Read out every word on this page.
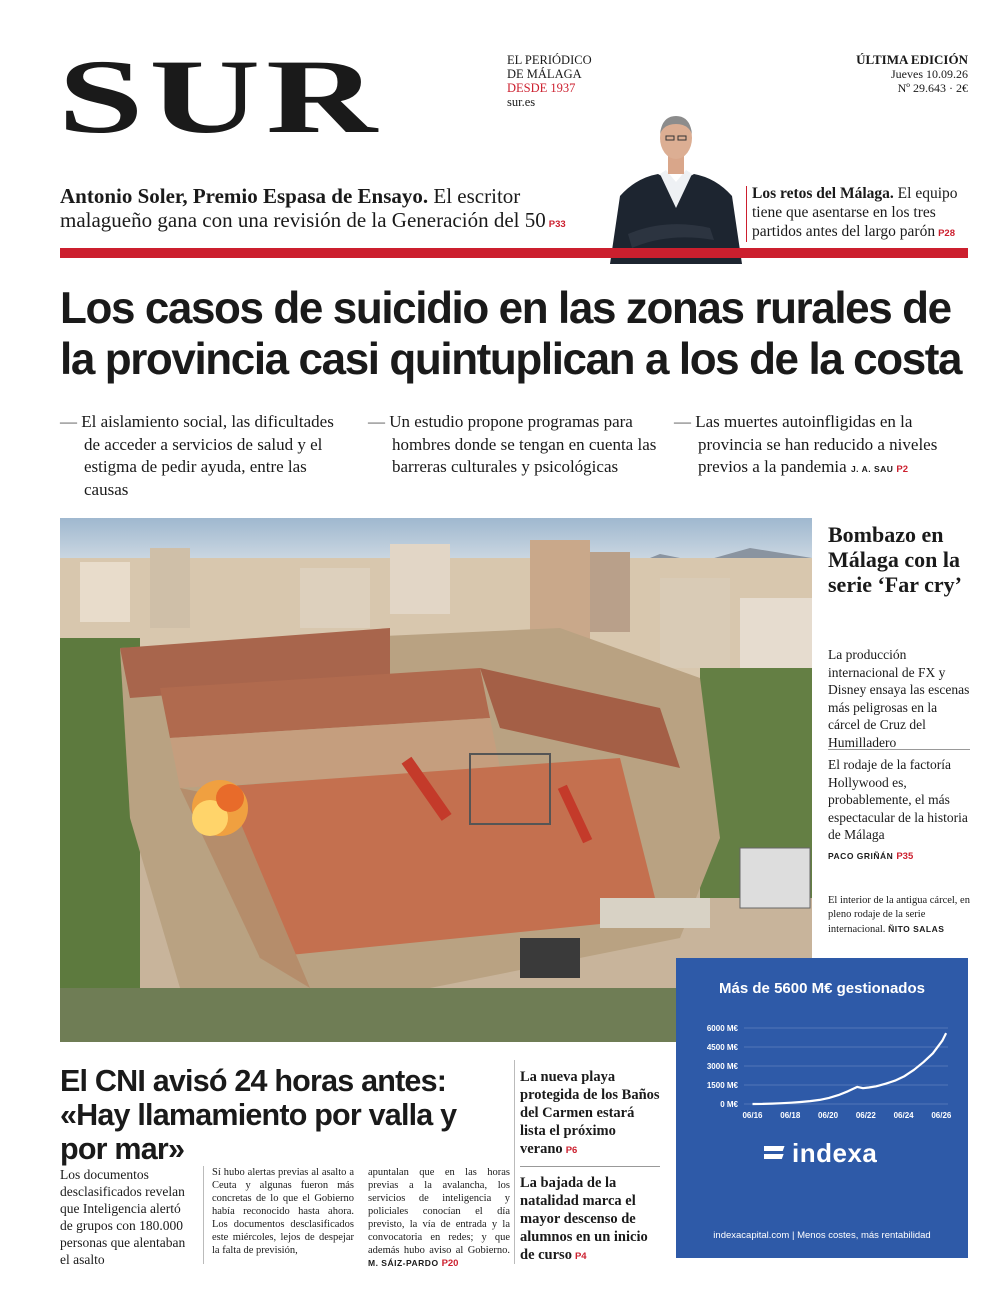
SUR	EL PERIÓDICO
DE MÁLAGA
DESDE 1937
sur.es
ÚLTIMA EDICIÓN
Jueves 10.09.26
Nº 29.643 · 2€
Antonio Soler, Premio Espasa de Ensayo. El escritor malagueño gana con una revisión de la Generación del 50 P33
Los retos del Málaga. El equipo tiene que asentarse en los tres partidos antes del largo parón P28
Los casos de suicidio en las zonas rurales de la provincia casi quintuplican a los de la costa
— El aislamiento social, las dificultades de acceder a servicios de salud y el estigma de pedir ayuda, entre las causas
— Un estudio propone programas para hombres donde se tengan en cuenta las barreras culturales y psicológicas
— Las muertes autoinfligidas en la provincia se han reducido a niveles previos a la pandemia J. A. SAU P2
Bombazo en Málaga con la serie ‘Far cry’
La producción internacional de FX y Disney ensaya las escenas más peligrosas en la cárcel de Cruz del Humilladero
El rodaje de la factoría Hollywood es, probablemente, el más espectacular de la historia de Málaga
PACO GRIÑÁN P35
El interior de la antigua cárcel, en pleno rodaje de la serie internacional. ÑITO SALAS
El CNI avisó 24 horas antes: «Hay llamamiento por valla y por mar»
Los documentos desclasificados revelan que Inteligencia alertó de grupos con 180.000 personas que alentaban el asalto
Sí hubo alertas previas al asalto a Ceuta y algunas fueron más concretas de lo que el Gobierno había reconocido hasta ahora. Los documentos desclasificados este miércoles, lejos de despejar la falta de previsión,
apuntalan que en las horas previas a la avalancha, los servicios de inteligencia y policiales conocían el día previsto, la vía de entrada y la convocatoria en redes; y que además hubo aviso al Gobierno. M. SÁIZ-PARDO P20
La nueva playa protegida de los Baños del Carmen estará lista el próximo verano P6
La bajada de la natalidad marca el mayor descenso de alumnos en un inicio de curso P4
Más de 5600 M€ gestionados
0 M€
1500 M€
3000 M€
4500 M€
6000 M€
06/16 06/18 06/20 06/22 06/24 06/26
indexa
indexacapital.com | Menos costes, más rentabilidad
